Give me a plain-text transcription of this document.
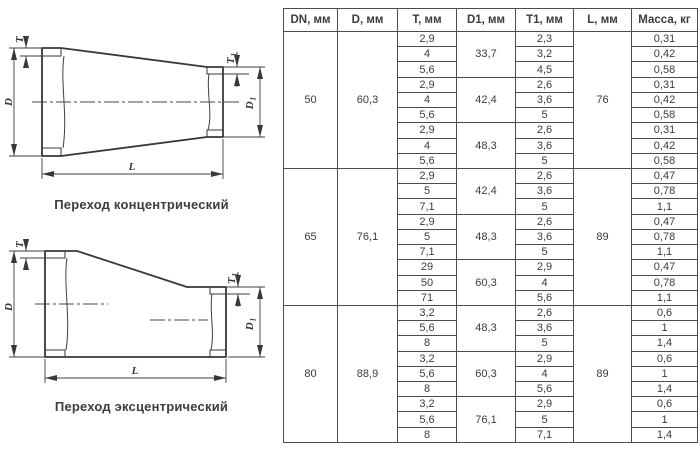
D
T
$T_1$
$D_1$
L
Переход концентрический
D
T
$T_1$
$D_1$
L
Переход эксцентрический
DN, мм	D, мм	T, мм	D1, мм	T1, мм	L, мм	Масса, кг
50	60,3	2,9	33,7	2,3	76	0,31
		4		3,2		0,42
		5,6		4,5		0,58
		2,9	42,4	2,6		0,31
		4		3,6		0,42
		5,6		5		0,58
		2,9	48,3	2,6		0,31
		4		3,6		0,42
		5,6		5		0,58
65	76,1	2,9	42,4	2,6	89	0,47
		5		3,6		0,78
		7,1		5		1,1
		2,9	48,3	2,6		0,47
		5		3,6		0,78
		7,1		5		1,1
		29	60,3	2,9		0,47
		50		4		0,78
		71		5,6		1,1
80	88,9	3,2	48,3	2,6	89	0,6
		5,6		3,6		1
		8		5		1,4
		3,2	60,3	2,9		0,6
		5,6		4		1
		8		5,6		1,4
		3,2	76,1	2,9		0,6
		5,6		5		1
		8		7,1		1,4
